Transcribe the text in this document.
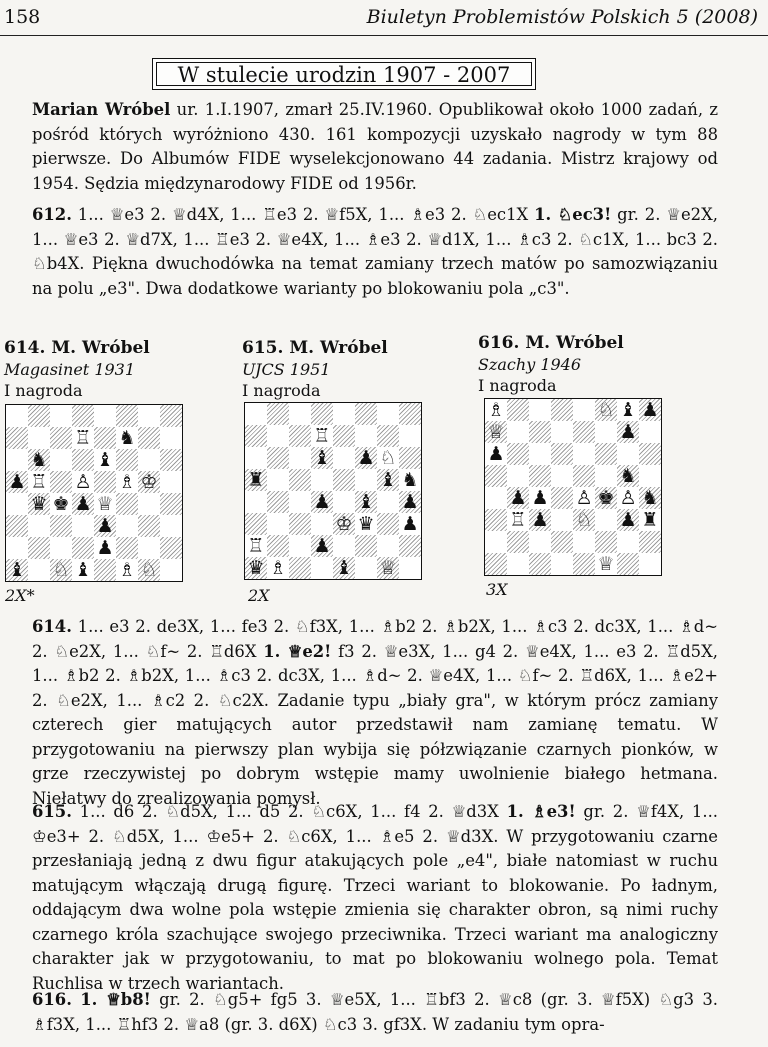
158	Biuletyn Problemistów Polskich 5 (2008)
W stulecie urodzin 1907 - 2007
Marian Wróbel ur. 1.I.1907, zmarł 25.IV.1960. Opublikował około 1000 zadań, z pośród których wyróżniono 430. 161 kompozycji uzyskało nagrody w tym 88 pierwsze. Do Albumów FIDE wyselekcjonowano 44 zadania. Mistrz krajowy od 1954. Sędzia międzynarodowy FIDE od 1956r.
612. 1... ♕e3 2. ♕d4X, 1... ♖e3 2. ♕f5X, 1... ♗e3 2. ♘ec1X 1. ♘ec3! gr. 2. ♕e2X, 1... ♕e3 2. ♕d7X, 1... ♖e3 2. ♕e4X, 1... ♗e3 2. ♕d1X, 1... ♗c3 2. ♘c1X, 1... bc3 2. ♘b4X. Piękna dwuchodówka na temat zamiany trzech matów po samozwiązaniu na polu „e3". Dwa dodatkowe warianty po blokowaniu pola „c3".
614. M. Wróbel
Magasinet 1931
I nagroda
♖ ♞
♞	♝
♟ ♖ ♙ ♗ ♔
♛ ♚ ♟ ♕
♟
♟
♝ ♘ ♝ ♗ ♘
2X*
615. M. Wróbel
UJCS 1951
I nagroda
♖
♝ ♟ ♘
♜	♝ ♞
♟ ♝ ♟
♔ ♛ ♟
♖	♟
♛ ♗	♝ ♕
2X
616. M. Wróbel
Szachy 1946
I nagroda
♗	♘ ♝ ♟
♕	♟
♟
♞
♟ ♟ ♙ ♚ ♙ ♞
♖ ♟ ♘ ♟ ♜
♕
3X
614. 1... e3 2. de3X, 1... fe3 2. ♘f3X, 1... ♗b2 2. ♗b2X, 1... ♗c3 2. dc3X, 1... ♗d~ 2. ♘e2X, 1... ♘f~ 2. ♖d6X 1. ♕e2! f3 2. ♕e3X, 1... g4 2. ♕e4X, 1... e3 2. ♖d5X, 1... ♗b2 2. ♗b2X, 1... ♗c3 2. dc3X, 1... ♗d~ 2. ♕e4X, 1... ♘f~ 2. ♖d6X, 1... ♗e2+ 2. ♘e2X, 1... ♗c2 2. ♘c2X. Zadanie typu „biały gra", w którym prócz zamiany czterech gier matujących autor przedstawił nam zamianę tematu. W przygotowaniu na pierwszy plan wybija się półzwiązanie czarnych pionków, w grze rzeczywistej po dobrym wstępie mamy uwolnienie białego hetmana. Niełatwy do zrealizowania pomysł.
615. 1... d6 2. ♘d5X, 1... d5 2. ♘c6X, 1... f4 2. ♕d3X 1. ♗e3! gr. 2. ♕f4X, 1... ♔e3+ 2. ♘d5X, 1... ♔e5+ 2. ♘c6X, 1... ♗e5 2. ♕d3X. W przygotowaniu czarne przesłaniają jedną z dwu figur atakujących pole „e4", białe natomiast w ruchu matującym włączają drugą figurę. Trzeci wariant to blokowanie. Po ładnym, oddającym dwa wolne pola wstępie zmienia się charakter obron, są nimi ruchy czarnego króla szachujące swojego przeciwnika. Trzeci wariant ma analogiczny charakter jak w przygotowaniu, to mat po blokowaniu wolnego pola. Temat Ruchlisa w trzech wariantach.
616. 1. ♕b8! gr. 2. ♘g5+ fg5 3. ♕e5X, 1... ♖bf3 2. ♕c8 (gr. 3. ♕f5X) ♘g3 3. ♗f3X, 1... ♖hf3 2. ♕a8 (gr. 3. d6X) ♘c3 3. gf3X. W zadaniu tym opra-
